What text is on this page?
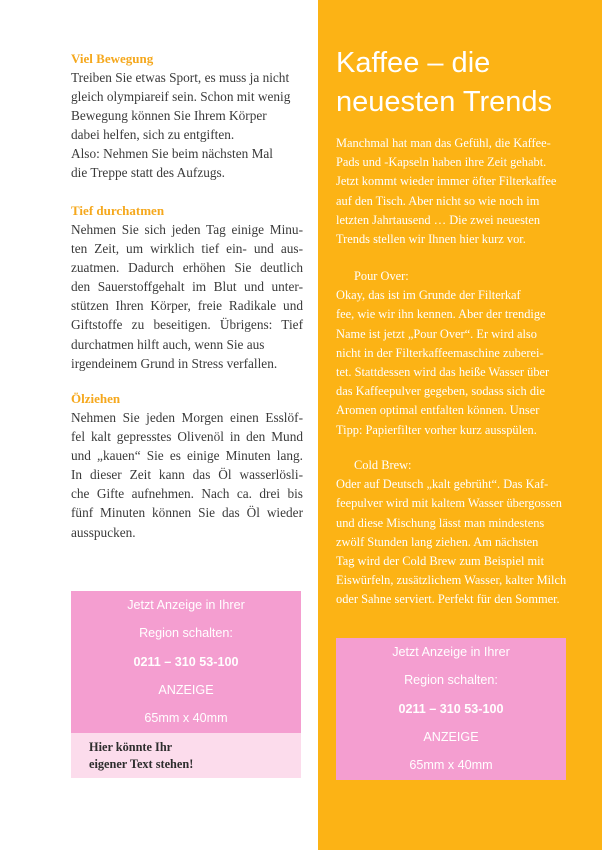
Viel Bewegung

Treiben Sie etwas Sport, es muss ja nicht
gleich olympiareif sein. Schon mit wenig
Bewegung können Sie Ihrem Körper
dabei helfen, sich zu entgiften.
Also: Nehmen Sie beim nächsten Mal
die Treppe statt des Aufzugs.

Tief durchatmen

Nehmen Sie sich jeden Tag einige Minu-
ten Zeit, um wirklich tief ein- und aus-
zuatmen. Dadurch erhöhen Sie deutlich
den Sauerstoffgehalt im Blut und unter-
stützen Ihren Körper, freie Radikale und
Giftstoffe zu beseitigen. Übrigens: Tief
durchatmen hilft auch, wenn Sie aus
irgendeinem Grund in Stress verfallen.

Ölziehen

Nehmen Sie jeden Morgen einen Esslöf-
fel kalt gepresstes Olivenöl in den Mund
und „kauen“ Sie es einige Minuten lang.
In dieser Zeit kann das Öl wasserlösli-
che Gifte aufnehmen. Nach ca. drei bis
fünf Minuten können Sie das Öl wieder
ausspucken.

Jetzt Anzeige in Ihrer
Region schalten:
0211 – 310 53-100
ANZEIGE
65mm x 40mm
Hier könnte Ihr
eigener Text stehen!
Kaffee – die
neuesten Trends
Manchmal hat man das Gefühl, die Kaffee-
Pads und -Kapseln haben ihre Zeit gehabt.
Jetzt kommt wieder immer öfter Filterkaffee
auf den Tisch. Aber nicht so wie noch im
letzten Jahrtausend … Die zwei neuesten
Trends stellen wir Ihnen hier kurz vor.
Pour Over:
Okay, das ist im Grunde der Filterkaf
fee, wie wir ihn kennen. Aber der trendige
Name ist jetzt „Pour Over“. Er wird also
nicht in der Filterkaffeemaschine zuberei-
tet. Stattdessen wird das heiße Wasser über
das Kaffeepulver gegeben, sodass sich die
Aromen optimal entfalten können. Unser
Tipp: Papierfilter vorher kurz ausspülen.
Cold Brew:
Oder auf Deutsch „kalt gebrüht“. Das Kaf-
feepulver wird mit kaltem Wasser übergossen
und diese Mischung lässt man mindestens
zwölf Stunden lang ziehen. Am nächsten
Tag wird der Cold Brew zum Beispiel mit
Eiswürfeln, zusätzlichem Wasser, kalter Milch
oder Sahne serviert. Perfekt für den Sommer.
Jetzt Anzeige in Ihrer
Region schalten:
0211 – 310 53-100
ANZEIGE
65mm x 40mm
